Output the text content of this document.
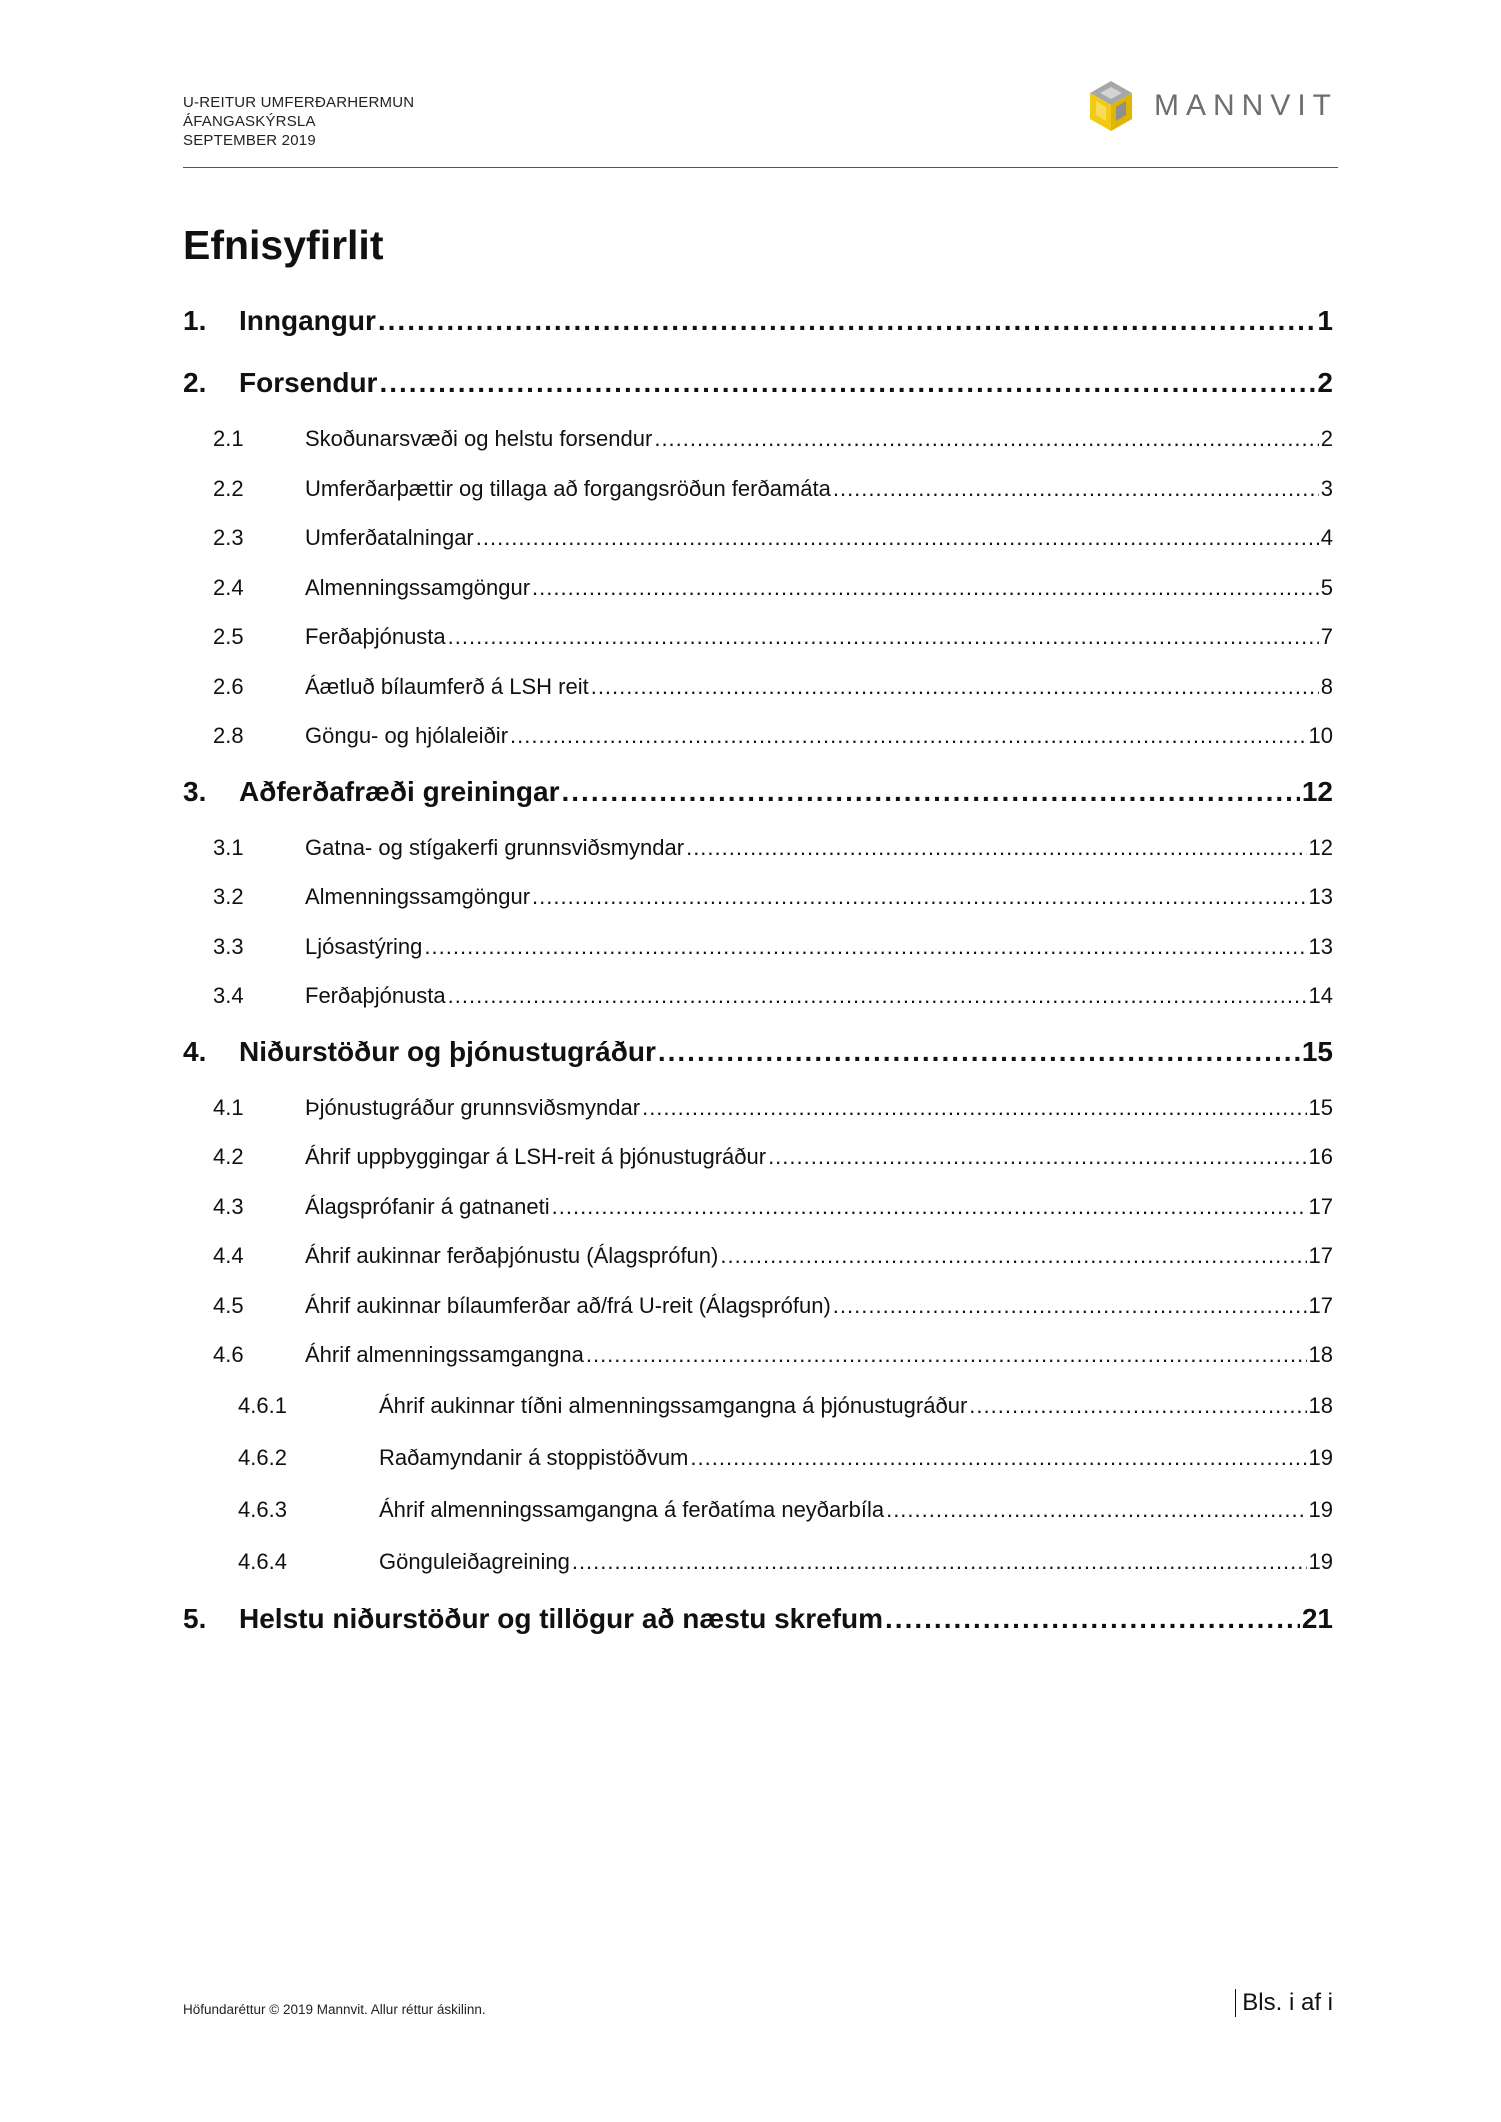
U-REITUR UMFERÐARHERMUN
ÁFANGASKÝRSLA
SEPTEMBER 2019
MANNVIT
Efnisyfirlit
1.	Inngangur .....	1
2.	Forsendur .....	2
2.1	Skoðunarsvæði og helstu forsendur .....	2
2.2	Umferðarþættir og tillaga að forgangsröðun ferðamáta .....	3
2.3	Umferðatalningar .....	4
2.4	Almenningssamgöngur .....	5
2.5	Ferðaþjónusta .....	7
2.6	Áætluð bílaumferð á LSH reit .....	8
2.8	Göngu- og hjólaleiðir .....	10
3.	Aðferðafræði greiningar .....	12
3.1	Gatna- og stígakerfi grunnsviðsmyndar .....	12
3.2	Almenningssamgöngur .....	13
3.3	Ljósastýring .....	13
3.4	Ferðaþjónusta .....	14
4.	Niðurstöður og þjónustugráður .....	15
4.1	Þjónustugráður grunnsviðsmyndar .....	15
4.2	Áhrif uppbyggingar á LSH-reit á þjónustugráður .....	16
4.3	Álagsprófanir á gatnaneti .....	17
4.4	Áhrif aukinnar ferðaþjónustu (Álagsprófun) .....	17
4.5	Áhrif aukinnar bílaumferðar að/frá U-reit (Álagsprófun) .....	17
4.6	Áhrif almenningssamgangna .....	18
4.6.1	Áhrif aukinnar tíðni almenningssamgangna á þjónustugráður .....	18
4.6.2	Raðamyndanir á stoppistöðvum .....	19
4.6.3	Áhrif almenningssamgangna á ferðatíma neyðarbíla .....	19
4.6.4	Gönguleiðagreining .....	19
5.	Helstu niðurstöður og tillögur að næstu skrefum .....	21
Höfundaréttur © 2019 Mannvit. Allur réttur áskilinn.	Bls. i af i
